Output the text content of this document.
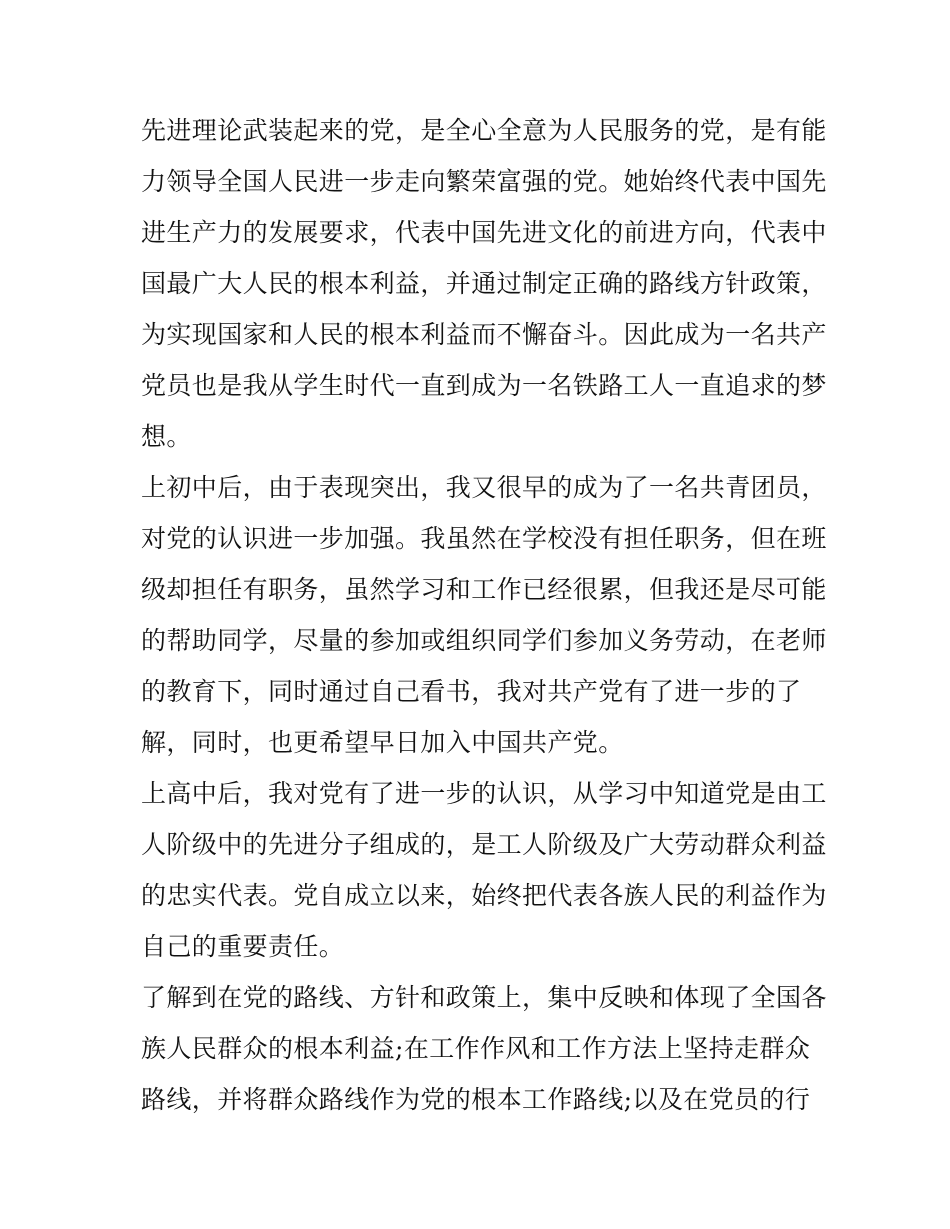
先进理论武装起来的党，是全心全意为人民服务的党，是有能
力领导全国人民进一步走向繁荣富强的党。她始终代表中国先
进生产力的发展要求，代表中国先进文化的前进方向，代表中
国最广大人民的根本利益，并通过制定正确的路线方针政策，
为实现国家和人民的根本利益而不懈奋斗。因此成为一名共产
党员也是我从学生时代一直到成为一名铁路工人一直追求的梦
想。
上初中后，由于表现突出，我又很早的成为了一名共青团员，
对党的认识进一步加强。我虽然在学校没有担任职务，但在班
级却担任有职务，虽然学习和工作已经很累，但我还是尽可能
的帮助同学，尽量的参加或组织同学们参加义务劳动，在老师
的教育下，同时通过自己看书，我对共产党有了进一步的了
解，同时，也更希望早日加入中国共产党。
上高中后，我对党有了进一步的认识，从学习中知道党是由工
人阶级中的先进分子组成的，是工人阶级及广大劳动群众利益
的忠实代表。党自成立以来，始终把代表各族人民的利益作为
自己的重要责任。
了解到在党的路线、方针和政策上，集中反映和体现了全国各
族人民群众的根本利益;在工作作风和工作方法上坚持走群众
路线，并将群众路线作为党的根本工作路线;以及在党员的行
